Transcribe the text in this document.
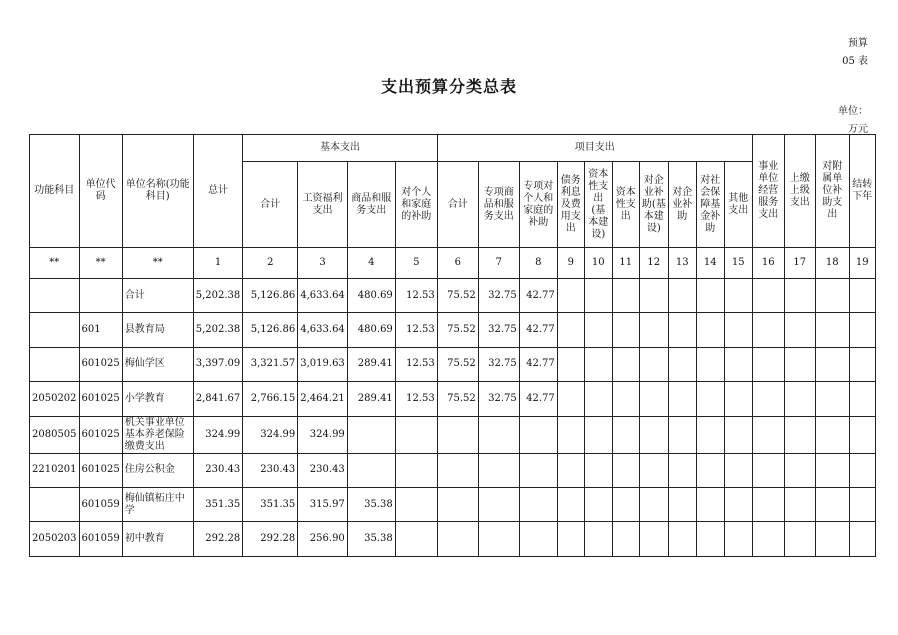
预算
05 表
支出预算分类总表
单位：
万元
功能科目	单位代码	单位名称(功能科目)	总计	基本支出				项目支出										事业单位经营服务支出	上缴上级支出	对附属单位补助支出	结转下年
				合计	工资福利支出	商品和服务支出	对个人和家庭的补助	合计	专项商品和服务支出	专项对个人和家庭的补助	债务利息及费用支出	资本性支出(基本建设)	资本性支出	对企业补助(基本建设)	对企业补助	对社会保障基金补助	其他支出				
**	**	**	1	2	3	4	5	6	7	8	9	10	11	12	13	14	15	16	17	18	19
		合计	5,202.38	5,126.86	4,633.64	480.69	12.53	75.52	32.75	42.77											
	601	县教育局	5,202.38	5,126.86	4,633.64	480.69	12.53	75.52	32.75	42.77											
	601025	梅仙学区	3,397.09	3,321.57	3,019.63	289.41	12.53	75.52	32.75	42.77											
2050202	601025	小学教育	2,841.67	2,766.15	2,464.21	289.41	12.53	75.52	32.75	42.77											
2080505	601025	机关事业单位基本养老保险缴费支出	324.99	324.99	324.99																
2210201	601025	住房公积金	230.43	230.43	230.43																
	601059	梅仙镇柘庄中学	351.35	351.35	315.97	35.38															
2050203	601059	初中教育	292.28	292.28	256.90	35.38															
